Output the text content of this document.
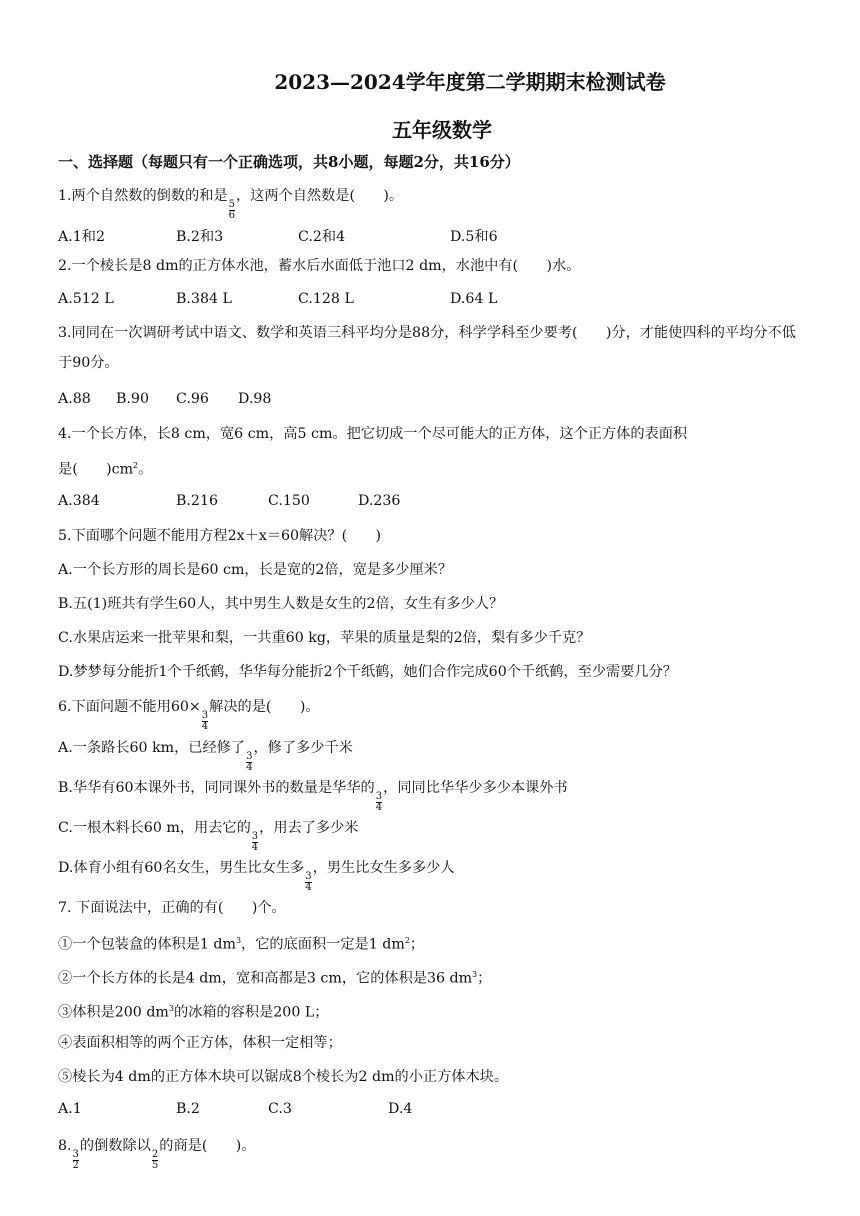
2023—2024学年度第二学期期末检测试卷
五年级数学
一、选择题（每题只有一个正确选项，共8小题，每题2分，共16分）
1.两个自然数的倒数的和是
$\frac{5}{6}$
，这两个自然数是(　　)。
A.1和2	B.2和3	C.2和4	D.5和6
2.一个棱长是8 dm的正方体水池，蓄水后水面低于池口2 dm，水池中有(　　)水。
A.512 L	B.384 L	C.128 L	D.64 L
3.同同在一次调研考试中语文、数学和英语三科平均分是88分，科学学科至少要考(　　)分，才能使四科的平均分不低于90分。
A.88 B.90 C.96 D.98
4.一个长方体，长8 cm，宽6 cm，高5 cm。把它切成一个尽可能大的正方体，这个正方体的表面积
是(　　)$cm^2$。
A.384	B.216	C.150	D.236
5.下面哪个问题不能用方程2x＋x＝60解决？(　　)
A.一个长方形的周长是60 cm，长是宽的2倍，宽是多少厘米？
B.五(1)班共有学生60人，其中男生人数是女生的2倍，女生有多少人？
C.水果店运来一批苹果和梨，一共重60 kg，苹果的质量是梨的2倍，梨有多少千克？
D.梦梦每分能折1个千纸鹤，华华每分能折2个千纸鹤，她们合作完成60个千纸鹤，至少需要几分？
6.下面问题不能用60×
$\frac{3}{4}$
解决的是(　　)。
A.一条路长60 km，已经修了
$\frac{3}{4}$
，修了多少千米
B.华华有60本课外书，同同课外书的数量是华华的
$\frac{3}{4}$
，同同比华华少多少本课外书
C.一根木料长60 m，用去它的
$\frac{3}{4}$
，用去了多少米
D.体育小组有60名女生，男生比女生多
$\frac{3}{4}$
，男生比女生多多少人
7. 下面说法中，正确的有(　　)个。
①一个包装盒的体积是1 $dm^3$，它的底面积一定是1 $dm^2$；
②一个长方体的长是4 dm，宽和高都是3 cm，它的体积是36 $dm^3$；
③体积是200 $dm^3$的冰箱的容积是200 L；
④表面积相等的两个正方体，体积一定相等；
⑤棱长为4 dm的正方体木块可以锯成8个棱长为2 dm的小正方体木块。
A.1	B.2	C.3	D.4
8.
$\frac{3}{2}$
的倒数除以
$\frac{2}{5}$
的商是(　　)。
